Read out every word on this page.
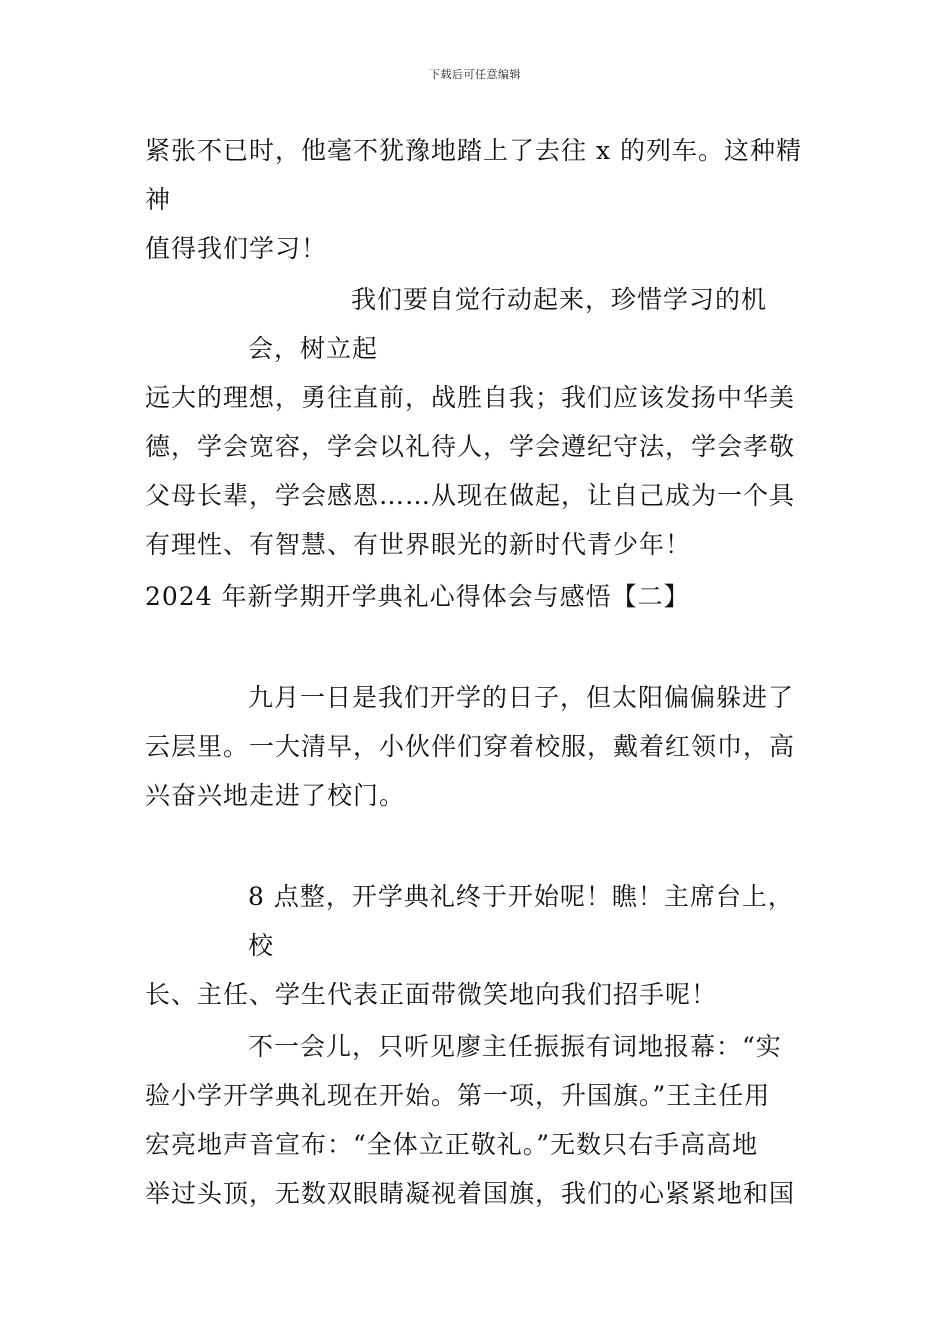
下载后可任意编辑

紧张不已时，他毫不犹豫地踏上了去往 x 的列车。这种精神
值得我们学习！

我们要自觉行动起来，珍惜学习的机会，树立起
远大的理想，勇往直前，战胜自我；我们应该发扬中华美
德，学会宽容，学会以礼待人，学会遵纪守法，学会孝敬
父母长辈，学会感恩……从现在做起，让自己成为一个具
有理性、有智慧、有世界眼光的新时代青少年！

2024 年新学期开学典礼心得体会与感悟【二】

九月一日是我们开学的日子，但太阳偏偏躲进了
云层里。一大清早，小伙伴们穿着校服，戴着红领巾，高
兴奋兴地走进了校门。

8 点整，开学典礼终于开始呢！瞧！主席台上，校
长、主任、学生代表正面带微笑地向我们招手呢！

不一会儿，只听见廖主任振振有词地报幕：“实
验小学开学典礼现在开始。第一项，升国旗。”王主任用
宏亮地声音宣布：“全体立正敬礼。”无数只右手高高地
举过头顶，无数双眼睛凝视着国旗，我们的心紧紧地和国
